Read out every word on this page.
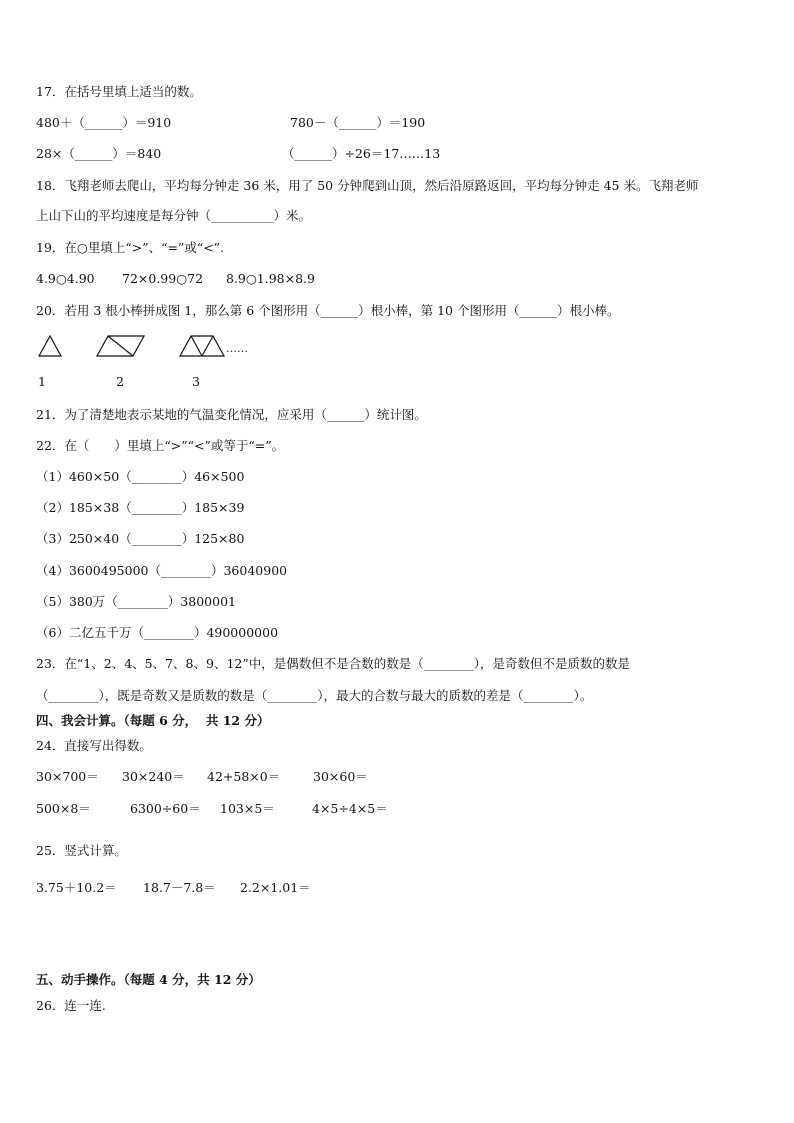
17．在括号里填上适当的数。
480＋（______）＝910	780－（______）＝190
28×（______）＝840	（______）÷26＝17……13
18．飞翔老师去爬山，平均每分钟走 36 米，用了 50 分钟爬到山顶，然后沿原路返回，平均每分钟走 45 米。飞翔老师
上山下山的平均速度是每分钟（__________）米。
19．在○里填上“>”、“=”或“<”.
4.9○4.90 72×0.99○72 8.9○1.98×8.9
20．若用 3 根小棒拼成图 1，那么第 6 个图形用（______）根小棒，第 10 个图形用（______）根小棒。
……
1	2	3
21．为了清楚地表示某地的气温变化情况，应采用（______）统计图。
22．在（　　）里填上“>”“<”或等于“=”。
（1）460×50（________）46×500
（2）185×38（________）185×39
（3）250×40（________）125×80
（4）3600495000（________）36040900
（5）380万（________）3800001
（6）二亿五千万（________）490000000
23．在“1、2、4、5、7、8、9、12”中，是偶数但不是合数的数是（________），是奇数但不是质数的数是
（________），既是奇数又是质数的数是（________），最大的合数与最大的质数的差是（________）。
四、我会计算。（每题 6 分，  共 12 分）
24．直接写出得数。
30×700＝ 30×240＝ 42+58×0＝	30×60＝
500×8＝	6300÷60＝ 103×5＝	4×5÷4×5＝
25．竖式计算。
3.75＋10.2＝ 18.7－7.8＝ 2.2×1.01＝
五、动手操作。（每题 4 分，共 12 分）
26．连一连.
